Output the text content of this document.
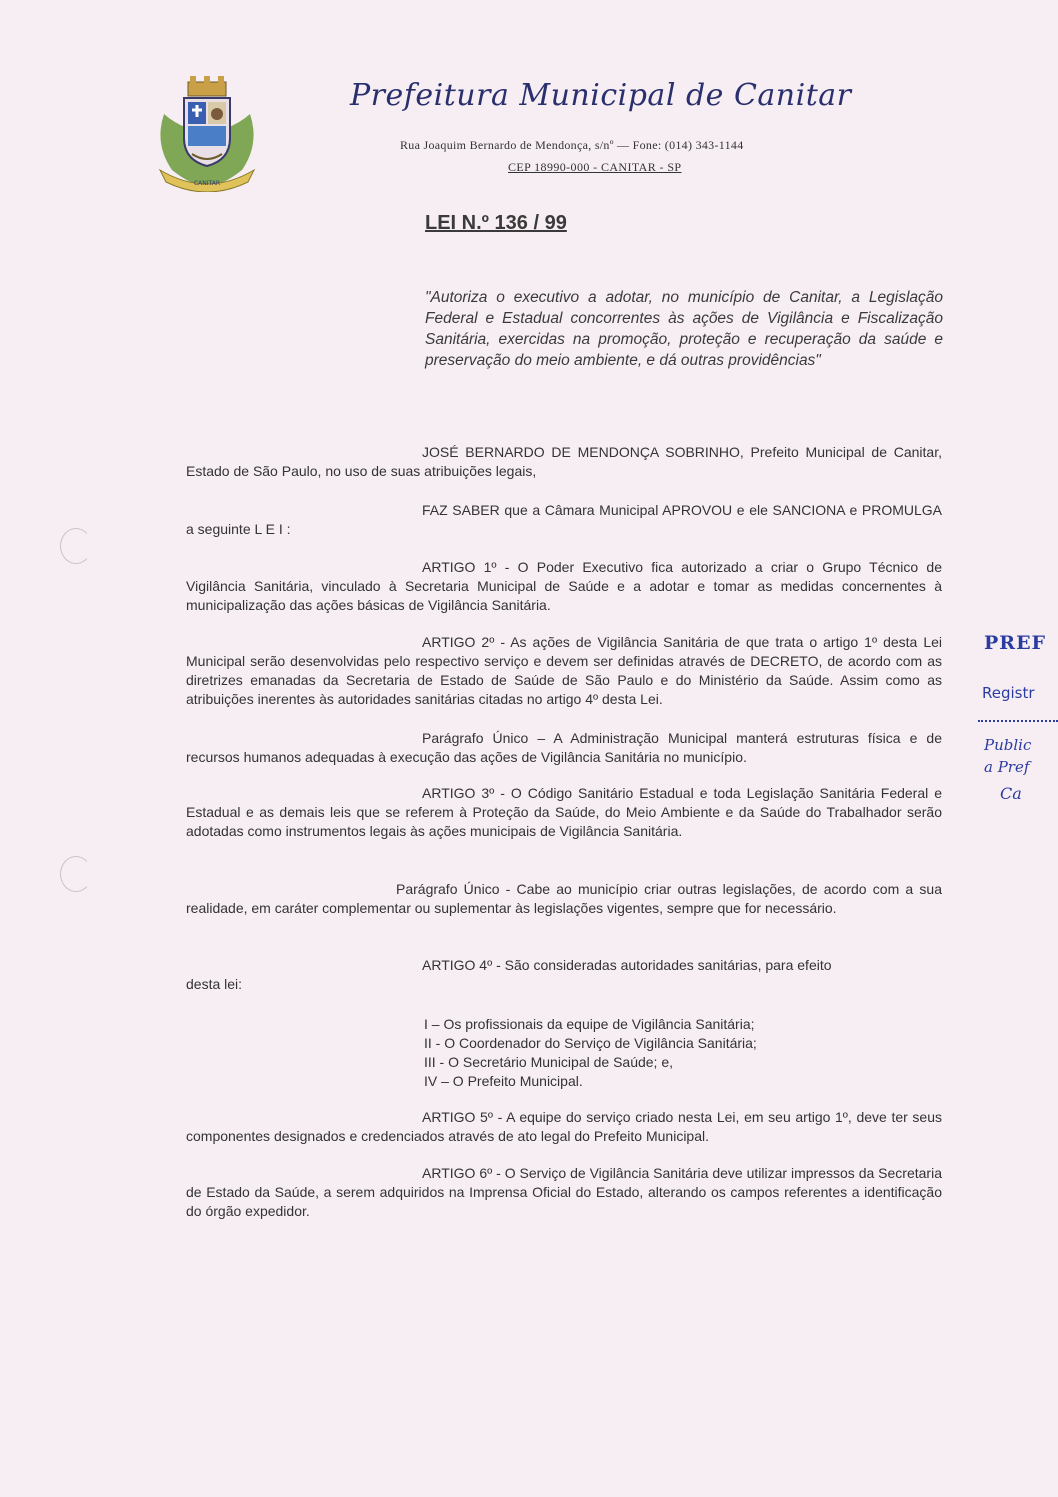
CANITAR
Prefeitura Municipal de Canitar
Rua Joaquim Bernardo de Mendonça, s/nº — Fone: (014) 343-1144
CEP 18990-000 - CANITAR - SP
LEI N.º 136 / 99
"Autoriza o executivo a adotar, no município de Canitar, a Legislação Federal e Estadual concorrentes às ações de Vigilância e Fiscalização Sanitária, exercidas na promoção, proteção e recuperação da saúde e preservação do meio ambiente, e dá outras providências"
JOSÉ BERNARDO DE MENDONÇA SOBRINHO, Prefeito Municipal de Canitar, Estado de São Paulo, no uso de suas atribuições legais,
FAZ SABER que a Câmara Municipal APROVOU e ele SANCIONA e PROMULGA a seguinte L E I :
ARTIGO 1º - O Poder Executivo fica autorizado a criar o Grupo Técnico de Vigilância Sanitária, vinculado à Secretaria Municipal de Saúde e a adotar e tomar as medidas concernentes à municipalização das ações básicas de Vigilância Sanitária.
ARTIGO 2º - As ações de Vigilância Sanitária de que trata o artigo 1º desta Lei Municipal serão desenvolvidas pelo respectivo serviço e devem ser definidas através de DECRETO, de acordo com as diretrizes emanadas da Secretaria de Estado de Saúde de São Paulo e do Ministério da Saúde. Assim como as atribuições inerentes às autoridades sanitárias citadas no artigo 4º desta Lei.
Parágrafo Único – A Administração Municipal manterá estruturas física e de recursos humanos adequadas à execução das ações de Vigilância Sanitária no município.
ARTIGO 3º - O Código Sanitário Estadual e toda Legislação Sanitária Federal e Estadual e as demais leis que se referem à Proteção da Saúde, do Meio Ambiente e da Saúde do Trabalhador serão adotadas como instrumentos legais às ações municipais de Vigilância Sanitária.
Parágrafo Único - Cabe ao município criar outras legislações, de acordo com a sua realidade, em caráter complementar ou suplementar às legislações vigentes, sempre que for necessário.
ARTIGO 4º - São consideradas autoridades sanitárias, para efeito
desta lei:
I – Os profissionais da equipe de Vigilância Sanitária;
II - O Coordenador do Serviço de Vigilância Sanitária;
III - O Secretário Municipal de Saúde; e,
IV – O Prefeito Municipal.
ARTIGO 5º - A equipe do serviço criado nesta Lei, em seu artigo 1º, deve ter seus componentes designados e credenciados através de ato legal do Prefeito Municipal.
ARTIGO 6º - O Serviço de Vigilância Sanitária deve utilizar impressos da Secretaria de Estado da Saúde, a serem adquiridos na Imprensa Oficial do Estado, alterando os campos referentes a identificação do órgão expedidor.
PREF
Registr
Public
a Pref
Ca
